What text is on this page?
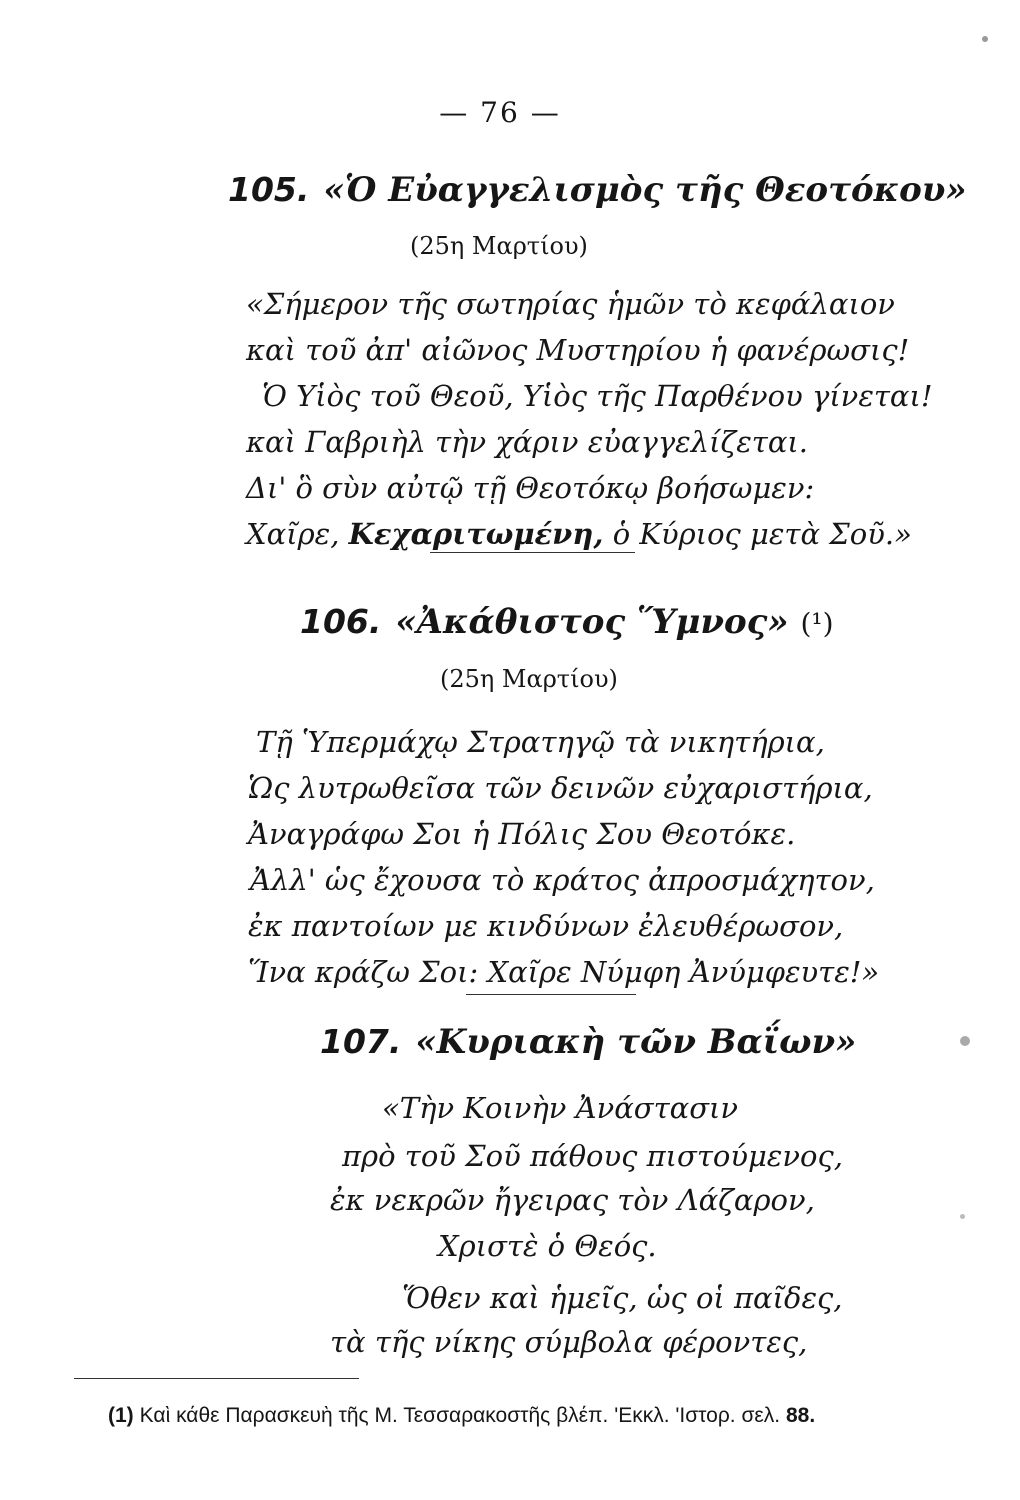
— 76 —
105. «Ὁ Εὐαγγελισμὸς τῆς Θεοτόκου»
(25η Μαρτίου)
«Σήμερον τῆς σωτηρίας ἡμῶν τὸ κεφάλαιον
καὶ τοῦ ἀπ' αἰῶνος Μυστηρίου ἡ φανέρωσις!
Ὁ Υἱὸς τοῦ Θεοῦ, Υἱὸς τῆς Παρθένου γίνεται!
καὶ Γαβριὴλ τὴν χάριν εὐαγγελίζεται.
Δι' ὃ σὺν αὐτῷ τῇ Θεοτόκῳ βοήσωμεν:
Χαῖρε, Κεχαριτωμένη, ὁ Κύριος μετὰ Σοῦ.»
106. «Ἀκάθιστος Ὕμνος» (¹)
(25η Μαρτίου)
Τῇ Ὑπερμάχῳ Στρατηγῷ τὰ νικητήρια,
Ὡς λυτρωθεῖσα τῶν δεινῶν εὐχαριστήρια,
Ἀναγράφω Σοι ἡ Πόλις Σου Θεοτόκε.
Ἀλλ' ὡς ἔχουσα τὸ κράτος ἀπροσμάχητον,
ἐκ παντοίων με κινδύνων ἐλευθέρωσον,
Ἵνα κράζω Σοι: Χαῖρε Νύμφη Ἀνύμφευτε!»
107. «Κυριακὴ τῶν Βαΐων»
«Τὴν Κοινὴν Ἀνάστασιν
πρὸ τοῦ Σοῦ πάθους πιστούμενος,
ἐκ νεκρῶν ἤγειρας τὸν Λάζαρον,
Χριστὲ ὁ Θεός.
Ὅθεν καὶ ἡμεῖς, ὡς οἱ παῖδες,
τὰ τῆς νίκης σύμβολα φέροντες,
(1) Καὶ κάθε Παρασκευὴ τῆς Μ. Τεσσαρακοστῆς βλέπ. 'Εκκλ. 'Ιστορ. σελ. 88.
